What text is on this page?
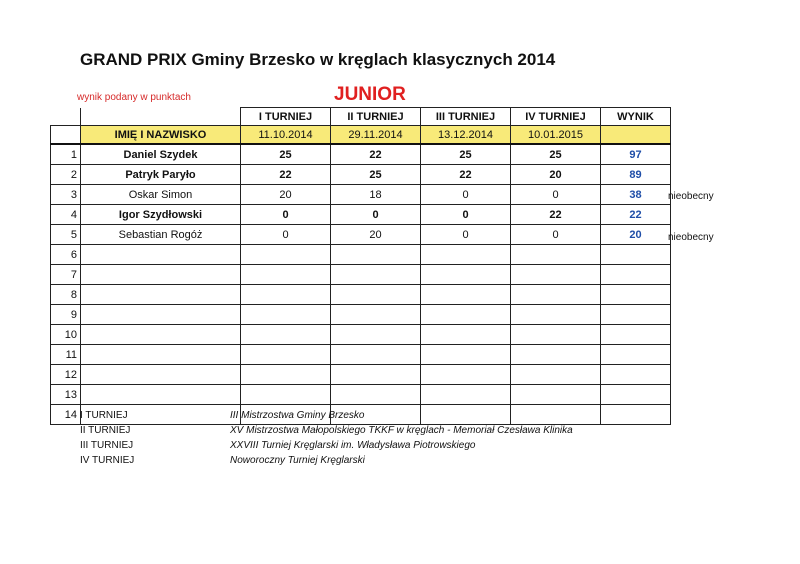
GRAND PRIX Gminy Brzesko w kręglach klasycznych 2014
wynik podany w punktach	JUNIOR
		I TURNIEJ	II TURNIEJ	III TURNIEJ	IV TURNIEJ	WYNIK
	IMIĘ I NAZWISKO	11.10.2014	29.11.2014	13.12.2014	10.01.2015	
1	Daniel Szydek	25	22	25	25	97
2	Patryk Paryło	22	25	22	20	89
3	Oskar Simon	20	18	0	0	38
4	Igor Szydłowski	0	0	0	22	22
5	Sebastian Rogóż	0	20	0	0	20
6						
7						
8						
9						
10						
11						
12						
13						
14						
nieobecny
nieobecny
I TURNIEJ	III Mistrzostwa Gminy Brzesko
II TURNIEJ	XV Mistrzostwa Małopolskiego TKKF w kręglach - Memoriał Czesława Klinika
III TURNIEJ	XXVIII Turniej Kręglarski im. Władysława Piotrowskiego
IV TURNIEJ	Noworoczny Turniej Kręglarski
